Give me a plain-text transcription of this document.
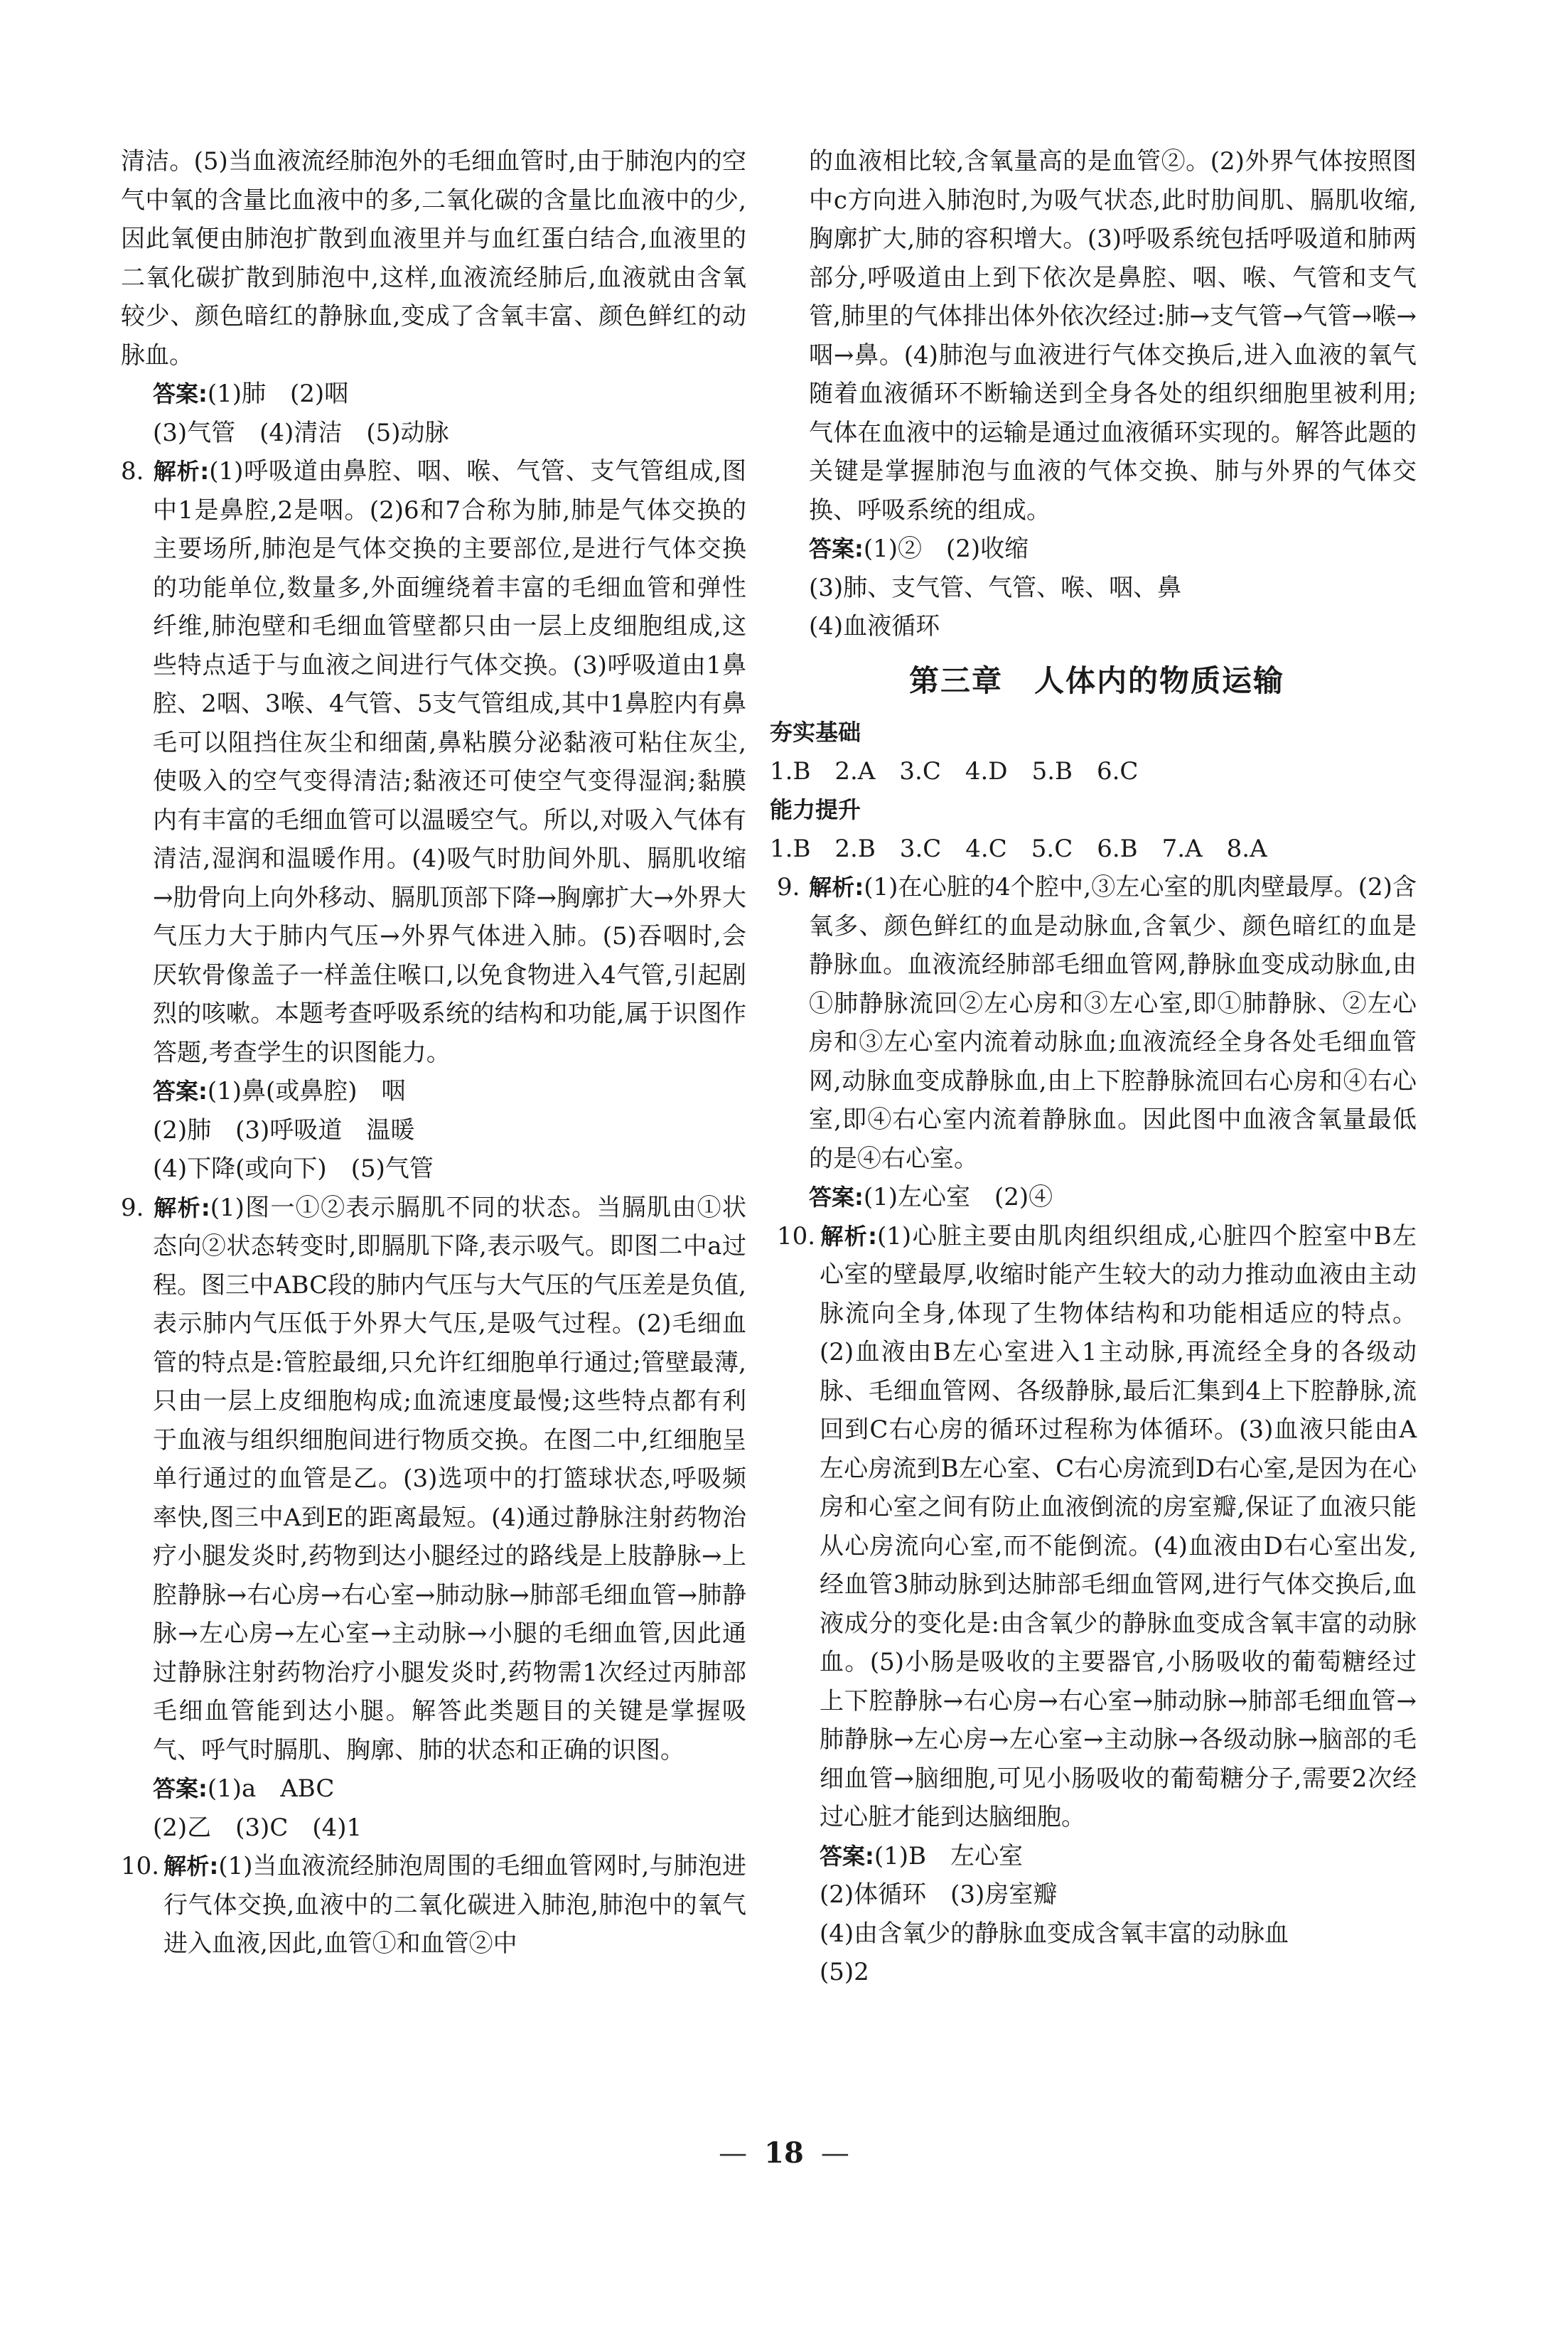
清洁。(5)当血液流经肺泡外的毛细血管时,由于肺泡内的空气中氧的含量比血液中的多,二氧化碳的含量比血液中的少,因此氧便由肺泡扩散到血液里并与血红蛋白结合,血液里的二氧化碳扩散到肺泡中,这样,血液流经肺后,血液就由含氧较少、颜色暗红的静脉血,变成了含氧丰富、颜色鲜红的动脉血。

答案:(1)肺　(2)咽

(3)气管　(4)清洁　(5)动脉

8. 解析:(1)呼吸道由鼻腔、咽、喉、气管、支气管组成,图中1是鼻腔,2是咽。(2)6和7合称为肺,肺是气体交换的主要场所,肺泡是气体交换的主要部位,是进行气体交换的功能单位,数量多,外面缠绕着丰富的毛细血管和弹性纤维,肺泡壁和毛细血管壁都只由一层上皮细胞组成,这些特点适于与血液之间进行气体交换。(3)呼吸道由1鼻腔、2咽、3喉、4气管、5支气管组成,其中1鼻腔内有鼻毛可以阻挡住灰尘和细菌,鼻粘膜分泌黏液可粘住灰尘,使吸入的空气变得清洁;黏液还可使空气变得湿润;黏膜内有丰富的毛细血管可以温暖空气。所以,对吸入气体有清洁,湿润和温暖作用。(4)吸气时肋间外肌、膈肌收缩→肋骨向上向外移动、膈肌顶部下降→胸廓扩大→外界大气压力大于肺内气压→外界气体进入肺。(5)吞咽时,会厌软骨像盖子一样盖住喉口,以免食物进入4气管,引起剧烈的咳嗽。本题考查呼吸系统的结构和功能,属于识图作答题,考查学生的识图能力。

答案:(1)鼻(或鼻腔)　咽

(2)肺　(3)呼吸道　温暖

(4)下降(或向下)　(5)气管

9. 解析:(1)图一①②表示膈肌不同的状态。当膈肌由①状态向②状态转变时,即膈肌下降,表示吸气。即图二中a过程。图三中ABC段的肺内气压与大气压的气压差是负值,表示肺内气压低于外界大气压,是吸气过程。(2)毛细血管的特点是:管腔最细,只允许红细胞单行通过;管壁最薄,只由一层上皮细胞构成;血流速度最慢;这些特点都有利于血液与组织细胞间进行物质交换。在图二中,红细胞呈单行通过的血管是乙。(3)选项中的打篮球状态,呼吸频率快,图三中A到E的距离最短。(4)通过静脉注射药物治疗小腿发炎时,药物到达小腿经过的路线是上肢静脉→上腔静脉→右心房→右心室→肺动脉→肺部毛细血管→肺静脉→左心房→左心室→主动脉→小腿的毛细血管,因此通过静脉注射药物治疗小腿发炎时,药物需1次经过丙肺部毛细血管能到达小腿。解答此类题目的关键是掌握吸气、呼气时膈肌、胸廓、肺的状态和正确的识图。

答案:(1)a　ABC

(2)乙　(3)C　(4)1

10. 解析:(1)当血液流经肺泡周围的毛细血管网时,与肺泡进行气体交换,血液中的二氧化碳进入肺泡,肺泡中的氧气进入血液,因此,血管①和血管②中

的血液相比较,含氧量高的是血管②。(2)外界气体按照图中c方向进入肺泡时,为吸气状态,此时肋间肌、膈肌收缩,胸廓扩大,肺的容积增大。(3)呼吸系统包括呼吸道和肺两部分,呼吸道由上到下依次是鼻腔、咽、喉、气管和支气管,肺里的气体排出体外依次经过:肺→支气管→气管→喉→咽→鼻。(4)肺泡与血液进行气体交换后,进入血液的氧气随着血液循环不断输送到全身各处的组织细胞里被利用;气体在血液中的运输是通过血液循环实现的。解答此题的关键是掌握肺泡与血液的气体交换、肺与外界的气体交换、呼吸系统的组成。

答案:(1)②　(2)收缩

(3)肺、支气管、气管、喉、咽、鼻

(4)血液循环

第三章　人体内的物质运输

夯实基础

1.B　2.A　3.C　4.D　5.B　6.C

能力提升

1.B　2.B　3.C　4.C　5.C　6.B　7.A　8.A

9. 解析:(1)在心脏的4个腔中,③左心室的肌肉壁最厚。(2)含氧多、颜色鲜红的血是动脉血,含氧少、颜色暗红的血是静脉血。血液流经肺部毛细血管网,静脉血变成动脉血,由①肺静脉流回②左心房和③左心室,即①肺静脉、②左心房和③左心室内流着动脉血;血液流经全身各处毛细血管网,动脉血变成静脉血,由上下腔静脉流回右心房和④右心室,即④右心室内流着静脉血。因此图中血液含氧量最低的是④右心室。

答案:(1)左心室　(2)④

10. 解析:(1)心脏主要由肌肉组织组成,心脏四个腔室中B左心室的壁最厚,收缩时能产生较大的动力推动血液由主动脉流向全身,体现了生物体结构和功能相适应的特点。(2)血液由B左心室进入1主动脉,再流经全身的各级动脉、毛细血管网、各级静脉,最后汇集到4上下腔静脉,流回到C右心房的循环过程称为体循环。(3)血液只能由A左心房流到B左心室、C右心房流到D右心室,是因为在心房和心室之间有防止血液倒流的房室瓣,保证了血液只能从心房流向心室,而不能倒流。(4)血液由D右心室出发,经血管3肺动脉到达肺部毛细血管网,进行气体交换后,血液成分的变化是:由含氧少的静脉血变成含氧丰富的动脉血。(5)小肠是吸收的主要器官,小肠吸收的葡萄糖经过上下腔静脉→右心房→右心室→肺动脉→肺部毛细血管→肺静脉→左心房→左心室→主动脉→各级动脉→脑部的毛细血管→脑细胞,可见小肠吸收的葡萄糖分子,需要2次经过心脏才能到达脑细胞。

答案:(1)B　左心室

(2)体循环　(3)房室瓣

(4)由含氧少的静脉血变成含氧丰富的动脉血

(5)2

— 18 —
